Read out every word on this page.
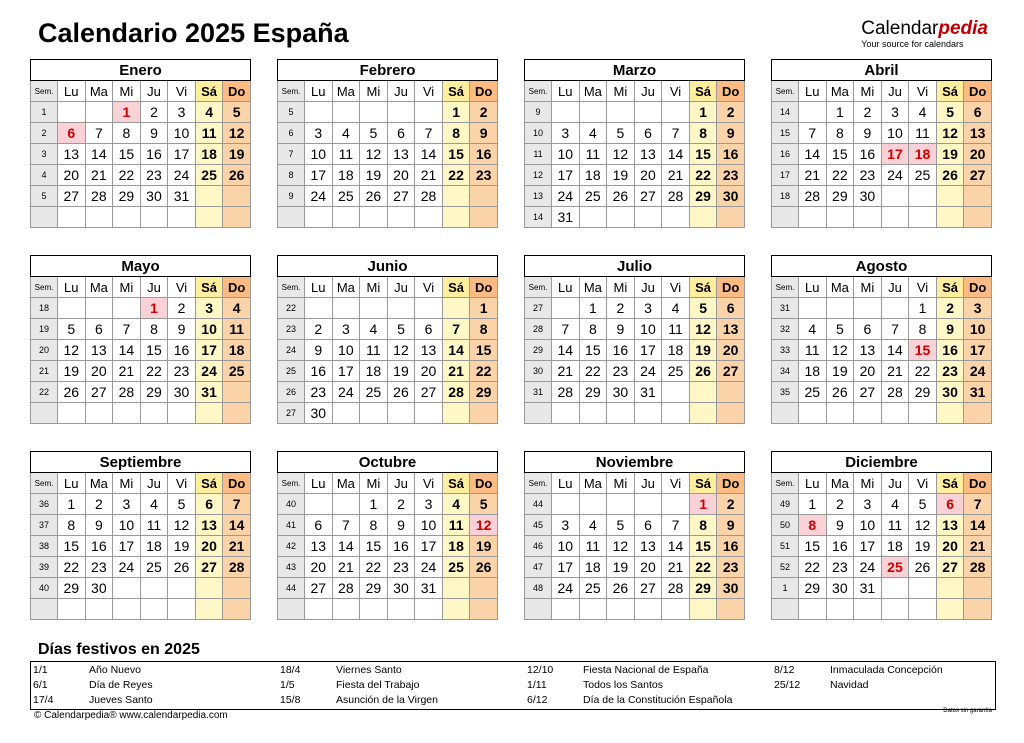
Calendario 2025 España	Calendarpedia
Your source for calendars
Enero							
Sem.	Lu	Ma	Mi	Ju	Vi	Sá	Do
1			1	2	3	4	5
2	6	7	8	9	10	11	12
3	13	14	15	16	17	18	19
4	20	21	22	23	24	25	26
5	27	28	29	30	31		

Febrero							
Sem.	Lu	Ma	Mi	Ju	Vi	Sá	Do
5						1	2
6	3	4	5	6	7	8	9
7	10	11	12	13	14	15	16
8	17	18	19	20	21	22	23
9	24	25	26	27	28		

Marzo							
Sem.	Lu	Ma	Mi	Ju	Vi	Sá	Do
9						1	2
10	3	4	5	6	7	8	9
11	10	11	12	13	14	15	16
12	17	18	19	20	21	22	23
13	24	25	26	27	28	29	30
14	31						
Abril							
Sem.	Lu	Ma	Mi	Ju	Vi	Sá	Do
14		1	2	3	4	5	6
15	7	8	9	10	11	12	13
16	14	15	16	17	18	19	20
17	21	22	23	24	25	26	27
18	28	29	30				

Mayo							
Sem.	Lu	Ma	Mi	Ju	Vi	Sá	Do
18				1	2	3	4
19	5	6	7	8	9	10	11
20	12	13	14	15	16	17	18
21	19	20	21	22	23	24	25
22	26	27	28	29	30	31	

Junio							
Sem.	Lu	Ma	Mi	Ju	Vi	Sá	Do
22							1
23	2	3	4	5	6	7	8
24	9	10	11	12	13	14	15
25	16	17	18	19	20	21	22
26	23	24	25	26	27	28	29
27	30						
Julio							
Sem.	Lu	Ma	Mi	Ju	Vi	Sá	Do
27		1	2	3	4	5	6
28	7	8	9	10	11	12	13
29	14	15	16	17	18	19	20
30	21	22	23	24	25	26	27
31	28	29	30	31			

Agosto							
Sem.	Lu	Ma	Mi	Ju	Vi	Sá	Do
31					1	2	3
32	4	5	6	7	8	9	10
33	11	12	13	14	15	16	17
34	18	19	20	21	22	23	24
35	25	26	27	28	29	30	31

Septiembre							
Sem.	Lu	Ma	Mi	Ju	Vi	Sá	Do
36	1	2	3	4	5	6	7
37	8	9	10	11	12	13	14
38	15	16	17	18	19	20	21
39	22	23	24	25	26	27	28
40	29	30					

Octubre							
Sem.	Lu	Ma	Mi	Ju	Vi	Sá	Do
40			1	2	3	4	5
41	6	7	8	9	10	11	12
42	13	14	15	16	17	18	19
43	20	21	22	23	24	25	26
44	27	28	29	30	31		

Noviembre							
Sem.	Lu	Ma	Mi	Ju	Vi	Sá	Do
44						1	2
45	3	4	5	6	7	8	9
46	10	11	12	13	14	15	16
47	17	18	19	20	21	22	23
48	24	25	26	27	28	29	30

Diciembre							
Sem.	Lu	Ma	Mi	Ju	Vi	Sá	Do
49	1	2	3	4	5	6	7
50	8	9	10	11	12	13	14
51	15	16	17	18	19	20	21
52	22	23	24	25	26	27	28
1	29	30	31				

Días festivos en 2025
1/1	Año Nuevo
6/1	Día de Reyes
17/4	Jueves Santo
18/4	Viernes Santo
1/5	Fiesta del Trabajo
15/8	Asunción de la Virgen
12/10	Fiesta Nacional de España
1/11	Todos los Santos
6/12	Día de la Constitución Española
8/12	Inmaculada Concepción
25/12	Navidad
© Calendarpedia® www.calendarpedia.com	Datos sin garantía
